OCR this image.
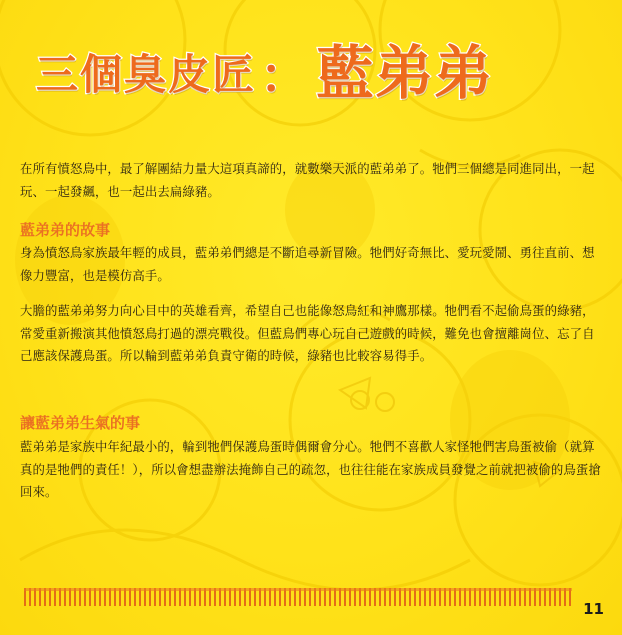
三個臭皮匠 ： 藍弟弟

在所有憤怒鳥中，最了解團結力量大這項真諦的，就數樂天派的藍弟弟了。牠們三個總是同進同出，一起玩、一起發飆，也一起出去扁綠豬。

藍弟弟的故事

身為憤怒鳥家族最年輕的成員，藍弟弟們總是不斷追尋新冒險。牠們好奇無比、愛玩愛鬧、勇往直前、想像力豐富，也是模仿高手。

大膽的藍弟弟努力向心目中的英雄看齊，希望自己也能像怒鳥紅和神鷹那樣。牠們看不起偷鳥蛋的綠豬，常愛重新搬演其他憤怒鳥打過的漂亮戰役。但藍鳥們專心玩自己遊戲的時候，難免也會擅離崗位、忘了自己應該保護鳥蛋。所以輪到藍弟弟負責守衛的時候，綠豬也比較容易得手。

讓藍弟弟生氣的事

藍弟弟是家族中年紀最小的，輪到牠們保護鳥蛋時偶爾會分心。牠們不喜歡人家怪牠們害鳥蛋被偷（就算真的是牠們的責任！），所以會想盡辦法掩飾自己的疏忽，也往往能在家族成員發覺之前就把被偷的鳥蛋搶回來。

11
